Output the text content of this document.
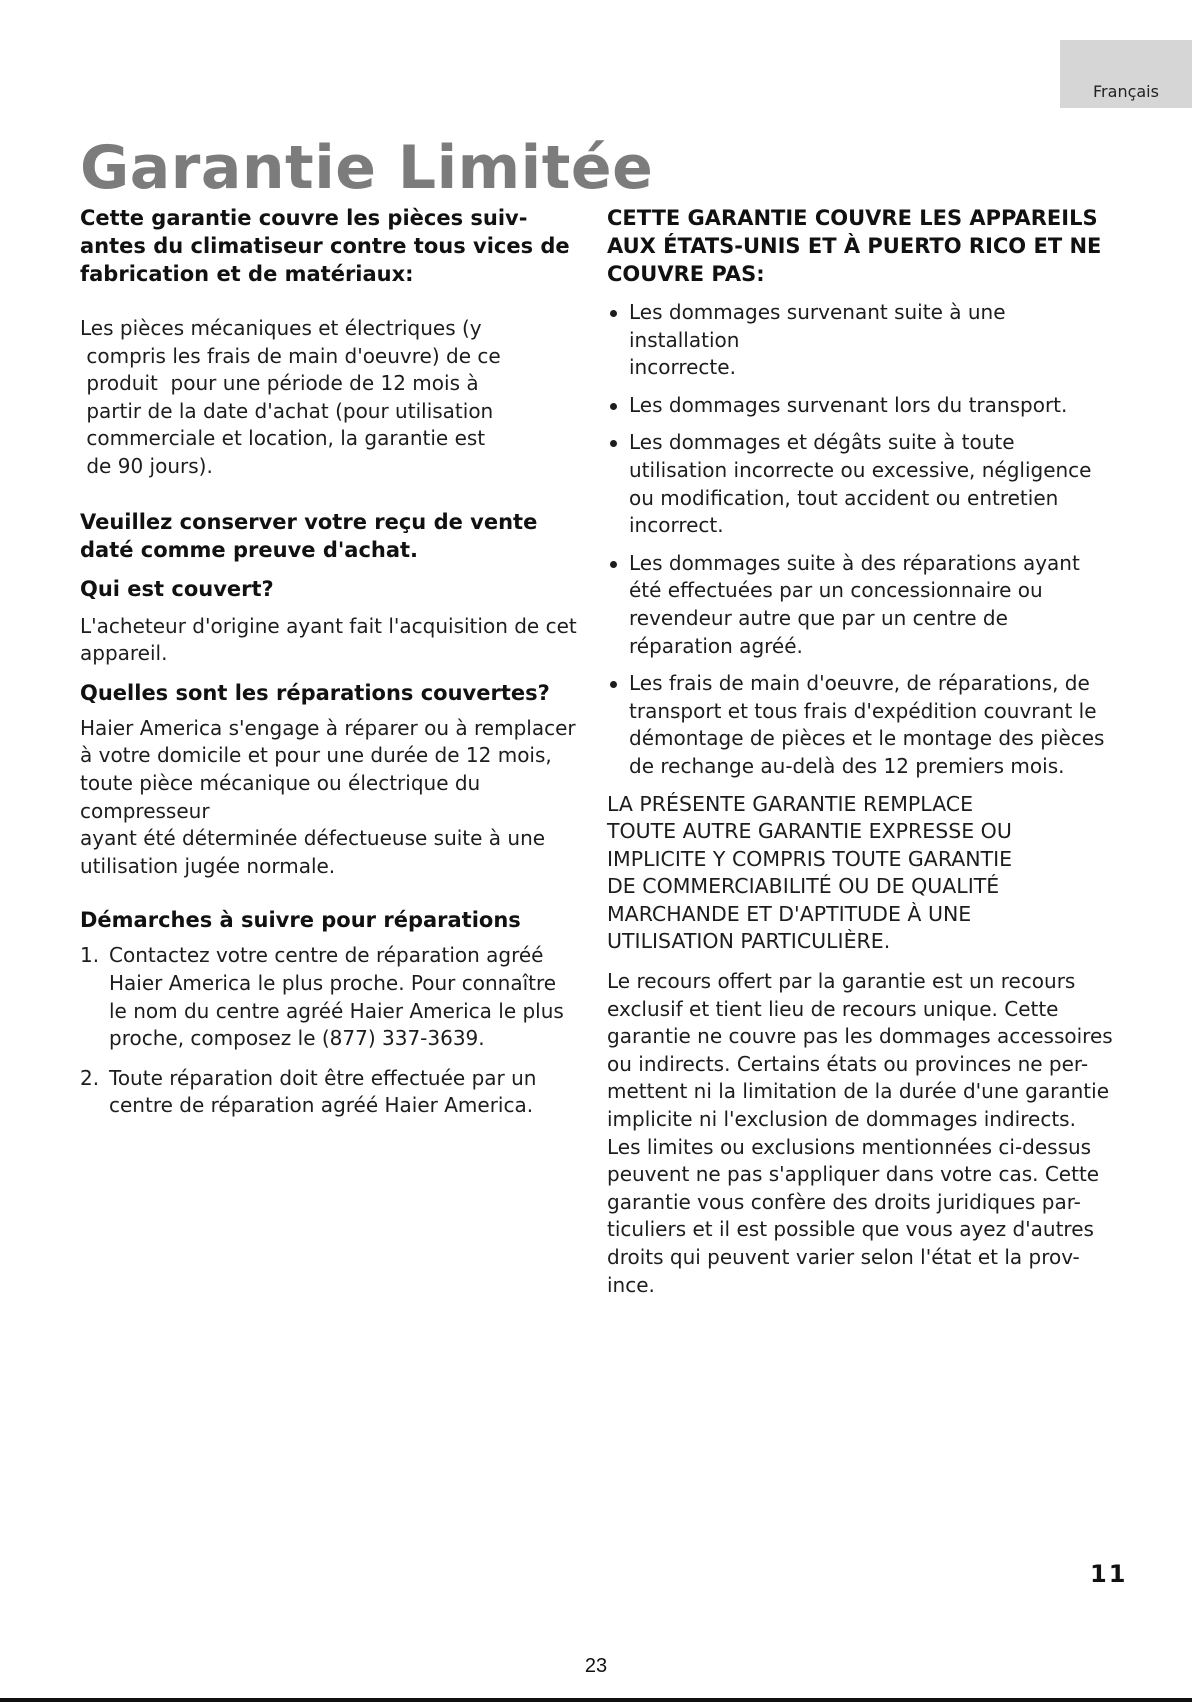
Français
Garantie Limitée

Cette garantie couvre les pièces suiv-
antes du climatiseur contre tous vices de
fabrication et de matériaux:

Les pièces mécaniques et électriques (y
compris les frais de main d'oeuvre) de ce
produit  pour une période de 12 mois à
partir de la date d'achat (pour utilisation
commerciale et location, la garantie est
de 90 jours).

Veuillez conserver votre reçu de vente
daté comme preuve d'achat.

Qui est couvert?

L'acheteur d'origine ayant fait l'acquisition de cet
appareil.

Quelles sont les réparations couvertes?

Haier America s'engage à réparer ou à remplacer
à votre domicile et pour une durée de 12 mois,
toute pièce mécanique ou électrique du compresseur
ayant été déterminée défectueuse suite à une
utilisation jugée normale.

Démarches à suivre pour réparations

1. Contactez votre centre de réparation agréé
Haier America le plus proche. Pour connaître
le nom du centre agréé Haier America le plus
proche, composez le (877) 337-3639.
2. Toute réparation doit être effectuée par un
centre de réparation agréé Haier America.

CETTE GARANTIE COUVRE LES APPAREILS
AUX ÉTATS-UNIS ET À PUERTO RICO ET NE
COUVRE PAS:

Les dommages survenant suite à une installation
incorrecte.
Les dommages survenant lors du transport.
Les dommages et dégâts suite à toute
utilisation incorrecte ou excessive, négligence
ou modification, tout accident ou entretien
incorrect.
Les dommages suite à des réparations ayant
été effectuées par un concessionnaire ou
revendeur autre que par un centre de
réparation agréé.
Les frais de main d'oeuvre, de réparations, de
transport et tous frais d'expédition couvrant le
démontage de pièces et le montage des pièces
de rechange au-delà des 12 premiers mois.

LA PRÉSENTE GARANTIE REMPLACE
TOUTE AUTRE GARANTIE EXPRESSE OU
IMPLICITE Y COMPRIS TOUTE GARANTIE
DE COMMERCIABILITÉ OU DE QUALITÉ
MARCHANDE ET D'APTITUDE À UNE
UTILISATION PARTICULIÈRE.

Le recours offert par la garantie est un recours
exclusif et tient lieu de recours unique. Cette
garantie ne couvre pas les dommages accessoires
ou indirects. Certains états ou provinces ne per-
mettent ni la limitation de la durée d'une garantie
implicite ni l'exclusion de dommages indirects.
Les limites ou exclusions mentionnées ci-dessus
peuvent ne pas s'appliquer dans votre cas. Cette
garantie vous confère des droits juridiques par-
ticuliers et il est possible que vous ayez d'autres
droits qui peuvent varier selon l'état et la prov-
ince.

11
23
